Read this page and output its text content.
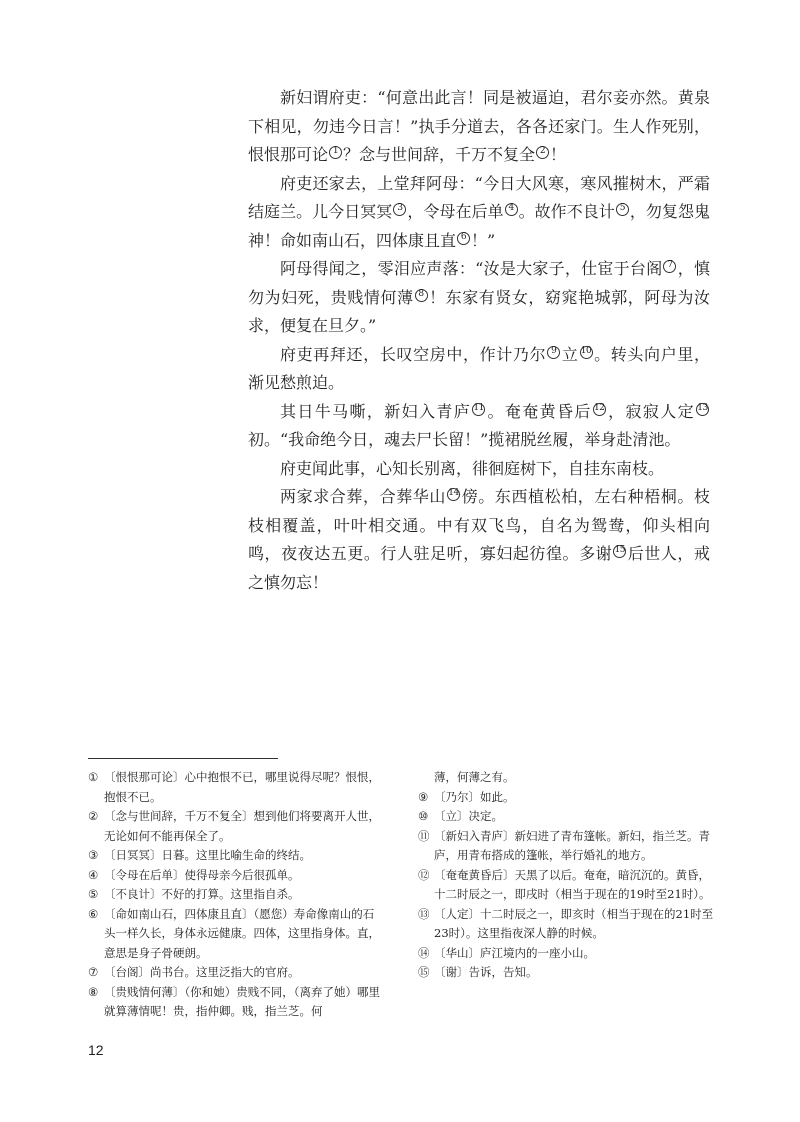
新妇谓府吏：“何意出此言！同是被逼迫，君尔妾亦然。黄泉下相见，勿违今日言！”执手分道去，各各还家门。生人作死别，恨恨那可论 1 ？念与世间辞，千万不复全 2 ！

府吏还家去，上堂拜阿母：“今日大风寒，寒风摧树木，严霜结庭兰。儿今日冥冥 3 ，令母在后单 4 。故作不良计 5 ，勿复怨鬼神！命如南山石，四体康且直 6 ！”

阿母得闻之，零泪应声落：“汝是大家子，仕宦于台阁 7 ，慎勿为妇死，贵贱情何薄 8 ！东家有贤女，窈窕艳城郭，阿母为汝求，便复在旦夕。”

府吏再拜还，长叹空房中，作计乃尔 9 立 10 。转头向户里，渐见愁煎迫。

其日牛马嘶，新妇入青庐 11 。奄奄黄昏后 12 ，寂寂人定 13初。“我命绝今日，魂去尸长留！”揽裙脱丝履，举身赴清池。

府吏闻此事，心知长别离，徘徊庭树下，自挂东南枝。

两家求合葬，合葬华山 14 傍。东西植松柏，左右种梧桐。枝枝相覆盖，叶叶相交通。中有双飞鸟，自名为鸳鸯，仰头相向鸣，夜夜达五更。行人驻足听，寡妇起彷徨。多谢 15 后世人，戒之慎勿忘！

① 〔恨恨那可论〕心中抱恨不已，哪里说得尽呢？恨恨，抱恨不已。
② 〔念与世间辞，千万不复全〕想到他们将要离开人世，无论如何不能再保全了。
③ 〔日冥冥〕日暮。这里比喻生命的终结。
④ 〔令母在后单〕使得母亲今后很孤单。
⑤ 〔不良计〕不好的打算。这里指自杀。
⑥ 〔命如南山石，四体康且直〕（愿您）寿命像南山的石头一样久长，身体永远健康。四体，这里指身体。直，意思是身子骨硬朗。
⑦ 〔台阁〕尚书台。这里泛指大的官府。
⑧ 〔贵贱情何薄〕（你和她）贵贱不同，（离弃了她）哪里就算薄情呢！贵，指仲卿。贱，指兰芝。何
薄，何薄之有。
⑨ 〔乃尔〕如此。
⑩ 〔立〕决定。
⑪ 〔新妇入青庐〕新妇进了青布篷帐。新妇，指兰芝。青庐，用青布搭成的篷帐，举行婚礼的地方。
⑫ 〔奄奄黄昏后〕天黑了以后。奄奄，暗沉沉的。黄昏，十二时辰之一，即戌时（相当于现在的19时至21时）。
⑬ 〔人定〕十二时辰之一，即亥时（相当于现在的21时至23时）。这里指夜深人静的时候。
⑭ 〔华山〕庐江境内的一座小山。
⑮ 〔谢〕告诉，告知。
12
